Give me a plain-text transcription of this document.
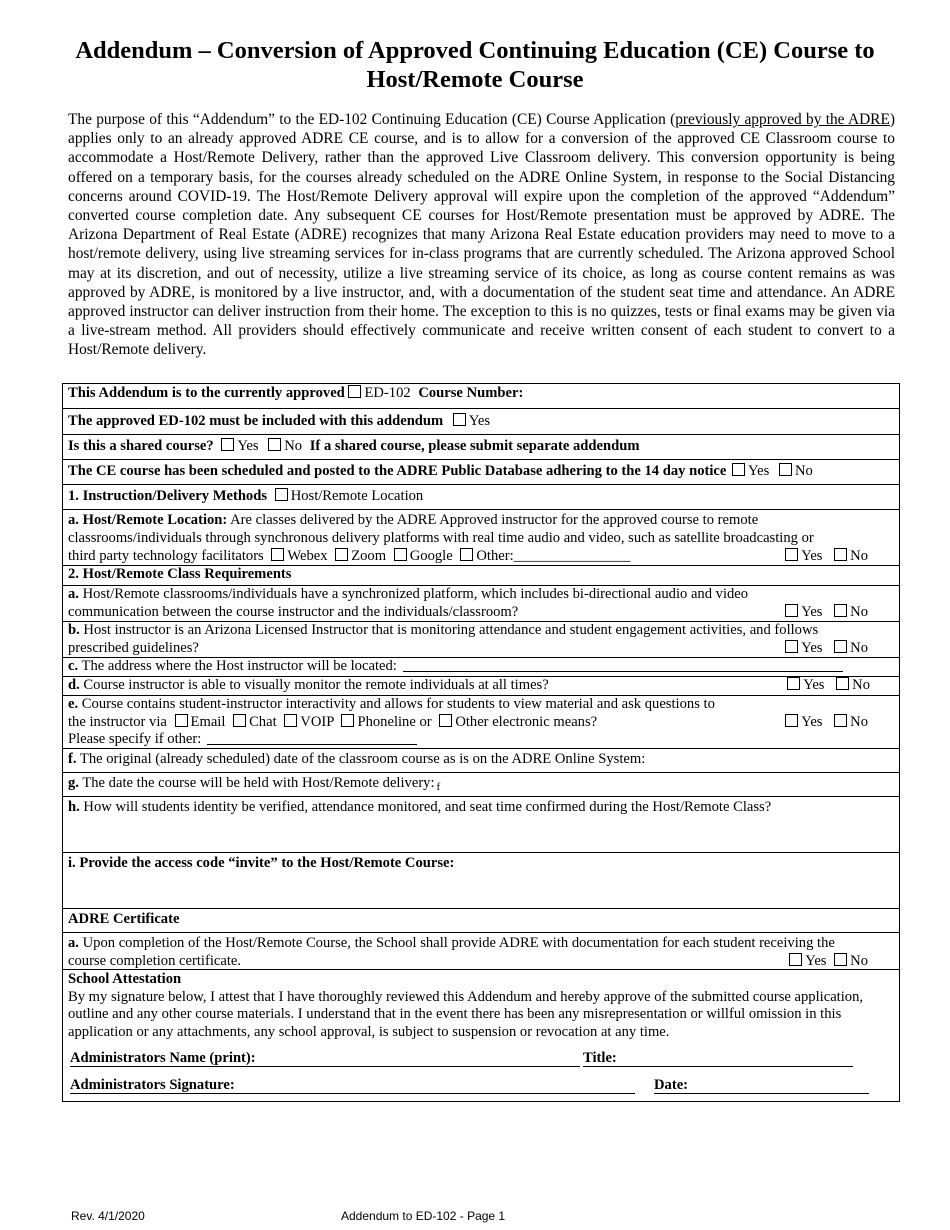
Addendum – Conversion of Approved Continuing Education (CE) Course to Host/Remote Course
The purpose of this “Addendum” to the ED-102 Continuing Education (CE) Course Application (previously approved by the ADRE) applies only to an already approved ADRE CE course, and is to allow for a conversion of the approved CE Classroom course to accommodate a Host/Remote Delivery, rather than the approved Live Classroom delivery. This conversion opportunity is being offered on a temporary basis, for the courses already scheduled on the ADRE Online System, in response to the Social Distancing concerns around COVID-19. The Host/Remote Delivery approval will expire upon the completion of the approved “Addendum” converted course completion date. Any subsequent CE courses for Host/Remote presentation must be approved by ADRE. The Arizona Department of Real Estate (ADRE) recognizes that many Arizona Real Estate education providers may need to move to a host/remote delivery, using live streaming services for in-class programs that are currently scheduled. The Arizona approved School may at its discretion, and out of necessity, utilize a live streaming service of its choice, as long as course content remains as was approved by ADRE, is monitored by a live instructor, and, with a documentation of the student seat time and attendance. An ADRE approved instructor can deliver instruction from their home. The exception to this is no quizzes, tests or final exams may be given via a live-stream method. All providers should effectively communicate and receive written consent of each student to convert to a Host/Remote delivery.
This Addendum is to the currently approved ED-102 Course Number:
The approved ED-102 must be included with this addendum Yes
Is this a shared course? Yes No If a shared course, please submit separate addendum
The CE course has been scheduled and posted to the ADRE Public Database adhering to the 14 day notice Yes No
1. Instruction/Delivery Methods Host/Remote Location
a. Host/Remote Location: Are classes delivered by the ADRE Approved instructor for the approved course to remote classrooms/individuals through synchronous delivery platforms with real time audio and video, such as satellite broadcasting or
third party technology facilitators Webex Zoom Google Other:________________	Yes No
2. Host/Remote Class Requirements
a. Host/Remote classrooms/individuals have a synchronized platform, which includes bi-directional audio and video
communication between the course instructor and the individuals/classroom?	Yes No
b. Host instructor is an Arizona Licensed Instructor that is monitoring attendance and student engagement activities, and follows
prescribed guidelines?	Yes No
c. The address where the Host instructor will be located:
d. Course instructor is able to visually monitor the remote individuals at all times?	Yes No
e. Course contains student-instructor interactivity and allows for students to view material and ask questions to
the instructor via Email Chat VOIP Phoneline or Other electronic means?	Yes No
Please specify if other:
f. The original (already scheduled) date of the classroom course as is on the ADRE Online System:
g. The date the course will be held with Host/Remote delivery: $_f$
h. How will students identity be verified, attendance monitored, and seat time confirmed during the Host/Remote Class?
i. Provide the access code “invite” to the Host/Remote Course:
ADRE Certificate
a. Upon completion of the Host/Remote Course, the School shall provide ADRE with documentation for each student receiving the
course completion certificate.	Yes No
School Attestation
By my signature below, I attest that I have thoroughly reviewed this Addendum and hereby approve of the submitted course application, outline and any other course materials. I understand that in the event there has been any misrepresentation or willful omission in this application or any attachments, any school approval, is subject to suspension or revocation at any time.
Administrators Name (print):	Title:
Administrators Signature:	Date:
Rev. 4/1/2020	Addendum to ED-102 - Page 1
